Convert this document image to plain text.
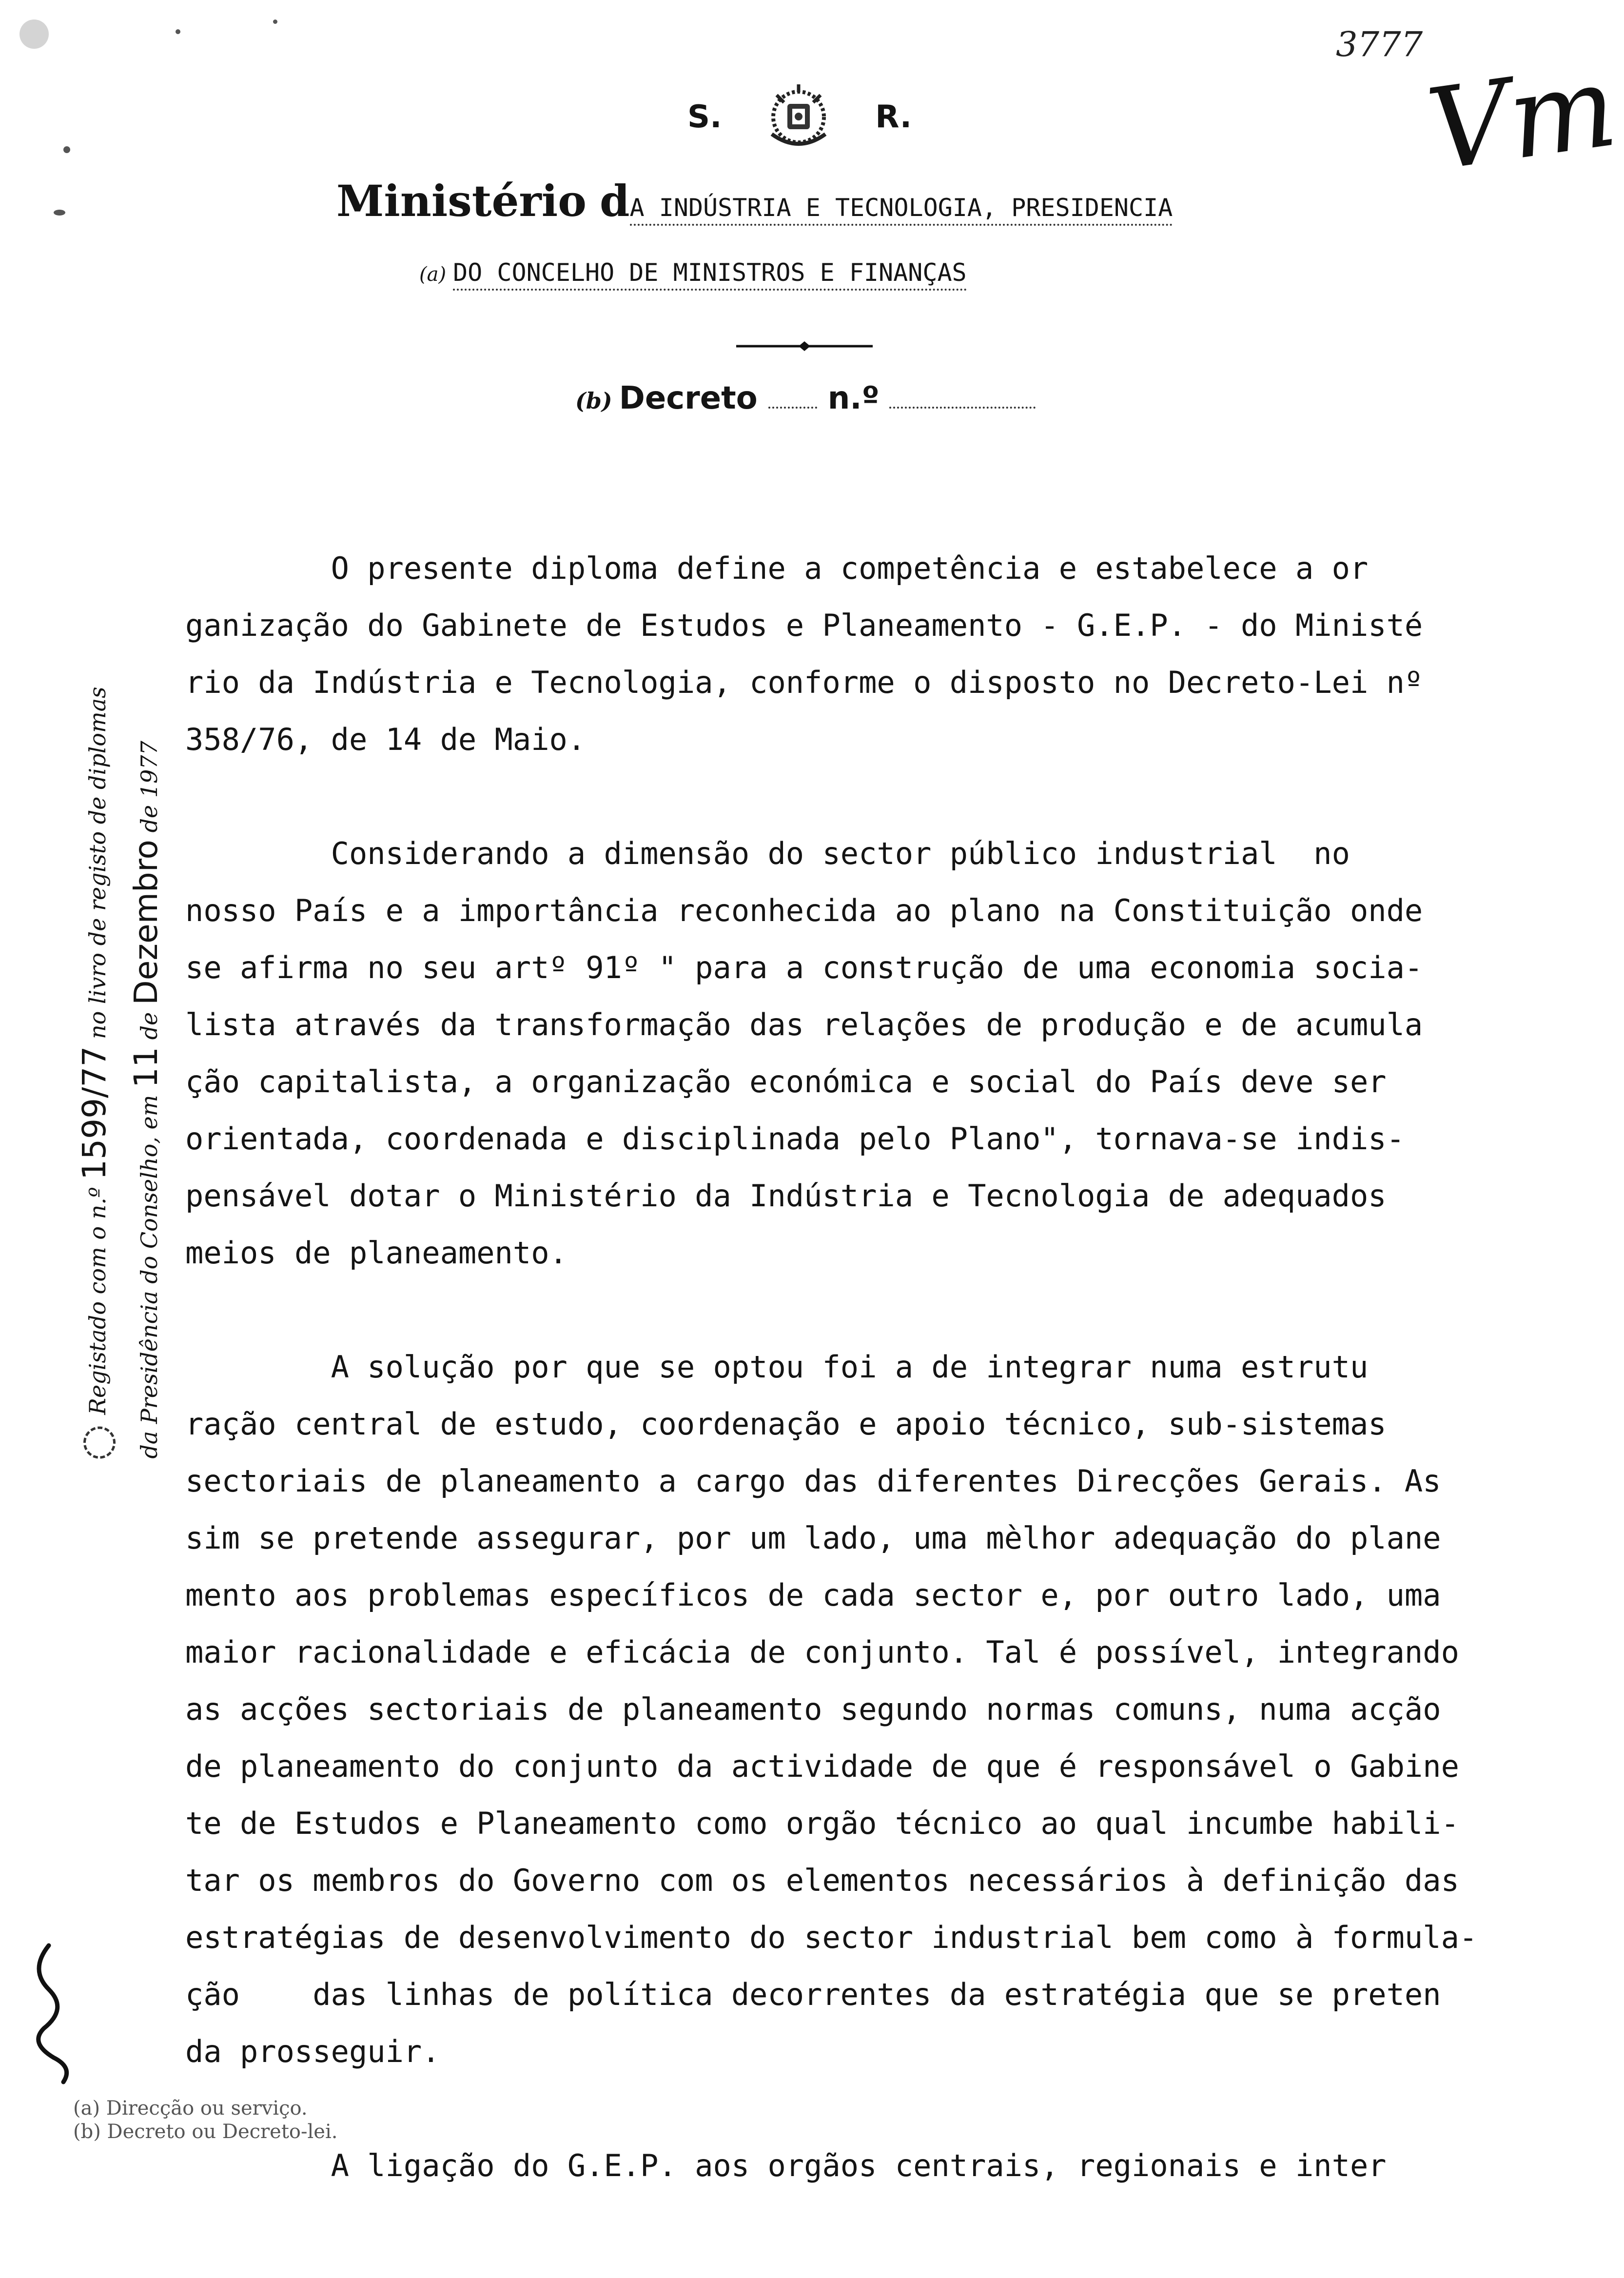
S.	R.
3777
Vm
Ministério dA INDÚSTRIA E TECNOLOGIA, PRESIDENCIA
(a) DO CONCELHO DE MINISTROS E FINANÇAS
(b) Decreto n.º

O presente diploma define a competência e estabelece a or
ganização do Gabinete de Estudos e Planeamento - G.E.P. - do Ministé
rio da Indústria e Tecnologia, conforme o disposto no Decreto-Lei nº
358/76, de 14 de Maio.

Considerando a dimensão do sector público industrial  no
nosso País e a importância reconhecida ao plano na Constituição onde
se afirma no seu artº 91º " para a construção de uma economia socia-
lista através da transformação das relações de produção e de acumula
ção capitalista, a organização económica e social do País deve ser
orientada, coordenada e disciplinada pelo Plano", tornava-se indis-
pensável dotar o Ministério da Indústria e Tecnologia de adequados
meios de planeamento.

A solução por que se optou foi a de integrar numa estrutu
ração central de estudo, coordenação e apoio técnico, sub-sistemas
sectoriais de planeamento a cargo das diferentes Direcções Gerais. As
sim se pretende assegurar, por um lado, uma mèlhor adequação do plane
mento aos problemas específicos de cada sector e, por outro lado, uma
maior racionalidade e eficácia de conjunto. Tal é possível, integrando
as acções sectoriais de planeamento segundo normas comuns, numa acção
de planeamento do conjunto da actividade de que é responsável o Gabine
te de Estudos e Planeamento como orgão técnico ao qual incumbe habili-
tar os membros do Governo com os elementos necessários à definição das
estratégias de desenvolvimento do sector industrial bem como à formula-
ção    das linhas de política decorrentes da estratégia que se preten
da prosseguir.

A ligação do G.E.P. aos orgãos centrais, regionais e inter

Registado com o n.º 1599/77 no livro de registo de diplomas
da Presidência do Conselho, em 11 de Dezembro de 1977
(a) Direcção ou serviço.
(b) Decreto ou Decreto-lei.
